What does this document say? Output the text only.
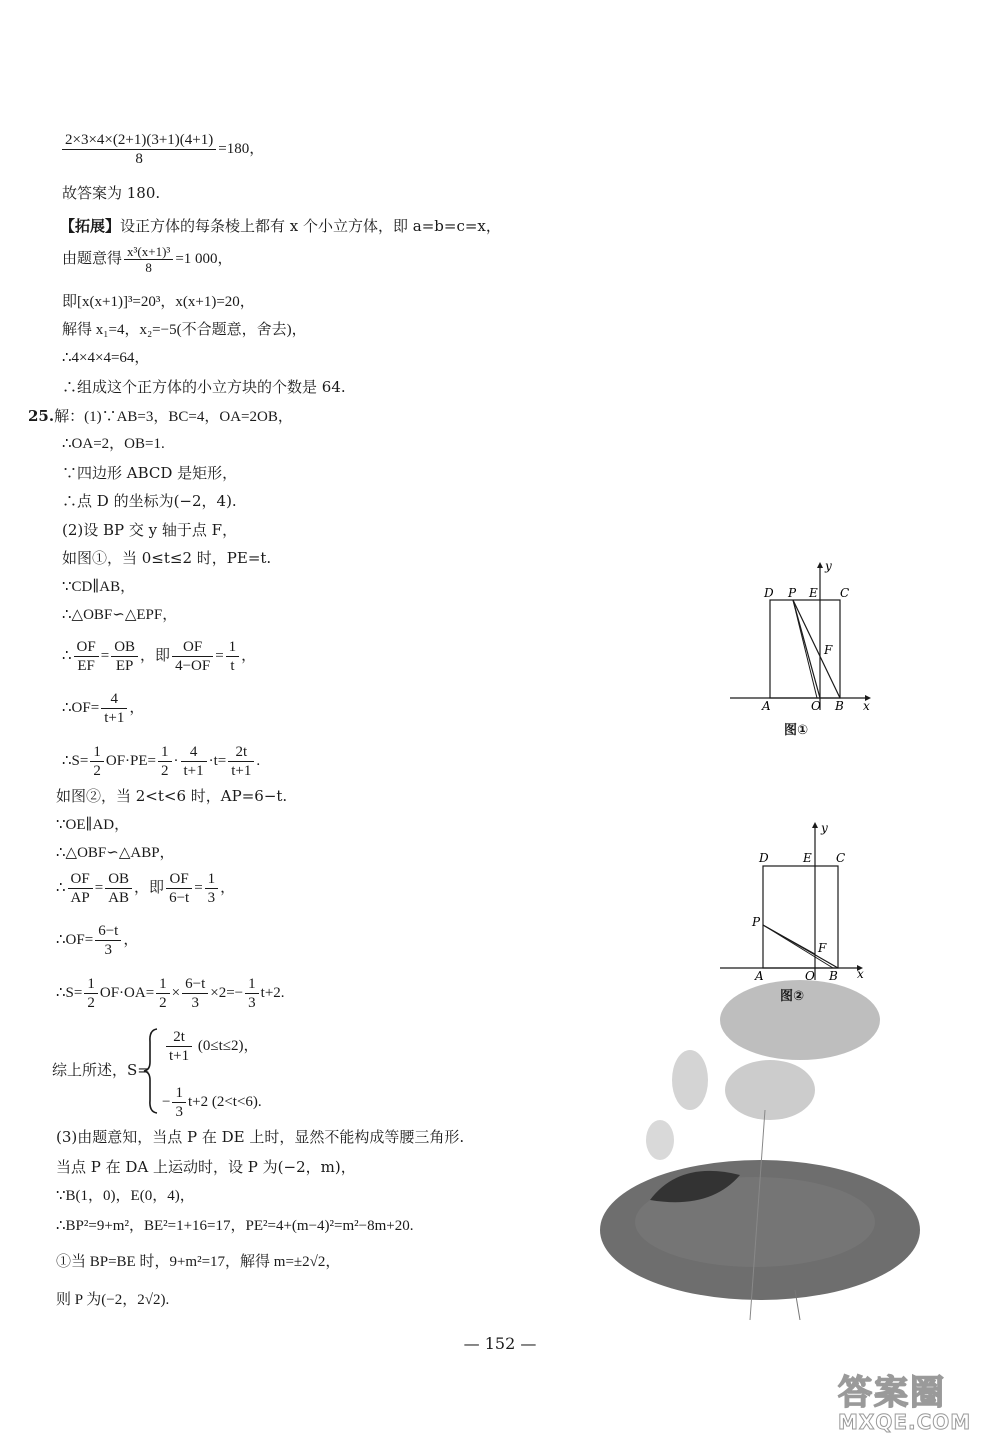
$\frac{2\times 3\times 4\times(2+1)(3+1)(4+1)}{8} =180$，
故答案为 180.
【拓展】设正方体的每条棱上都有 x 个小立方体，即 a=b=c=x，
由题意得 $\frac{\text{x³(x+1)³}}{8} =1$ 000，
即[x(x+1)]³=20³，x(x+1)=20，
解得 x₁=4，x₂=−5(不合题意，舍去)，
∴4×4×4=64，
∴组成这个正方体的小立方块的个数是 64.
25.解：(1)∵AB=3，BC=4，OA=2OB，
∴OA=2，OB=1.
∵四边形 ABCD 是矩形，
∴点 D 的坐标为(−2，4).
(2)设 BP 交 y 轴于点 F，
如图①，当 0≤t≤2 时，PE=t.
∵CD∥AB，
∴△OBF∽△EPF，
∴ $\frac{OF}{EF} = \frac{OB}{EP}$ ，即 $\frac{OF}{4-OF} = \frac{1}{t}$ ，
∴OF= $\frac{4}{t+1}$ ，
∴S= $\frac{1}{2} OF\cdot PE= \frac{1}{2} \cdot \frac{4}{t+1} \cdot t= \frac{2t}{t+1}$ .
如图②，当 2<t<6 时，AP=6−t.
∵OE∥AD，
∴△OBF∽△ABP，
∴ $\frac{OF}{AP} = \frac{OB}{AB}$ ，即 $\frac{OF}{6-t} = \frac{1}{3}$ ，
∴OF= $\frac{6-t}{3}$ ，
∴S= $\frac{1}{2} OF\cdot OA= \frac{1}{2} \times \frac{6-t}{3} \times 2=- \frac{1}{3} t+2$.
综上所述，S=
$\frac{2t}{t+1} (0\le t\le 2)$，
− $\frac{1}{3} t+2$ (2<t<6).
(3)由题意知，当点 P 在 DE 上时，显然不能构成等腰三角形.
当点 P 在 DA 上运动时，设 P 为(−2，m)，
∵B(1，0)，E(0，4)，
∴BP²=9+m²，BE²=1+16=17，PE²=4+(m−4)²=m²−8m+20.
①当 BP=BE 时，9+m²=17，解得 m=±2√2，
则 P 为(−2，2√2).
D P E C
F
A	O B x
y
图①
D	E C
P
F
A	O B x
y
图②
— 152 —
答案圈
MXQE.COM
